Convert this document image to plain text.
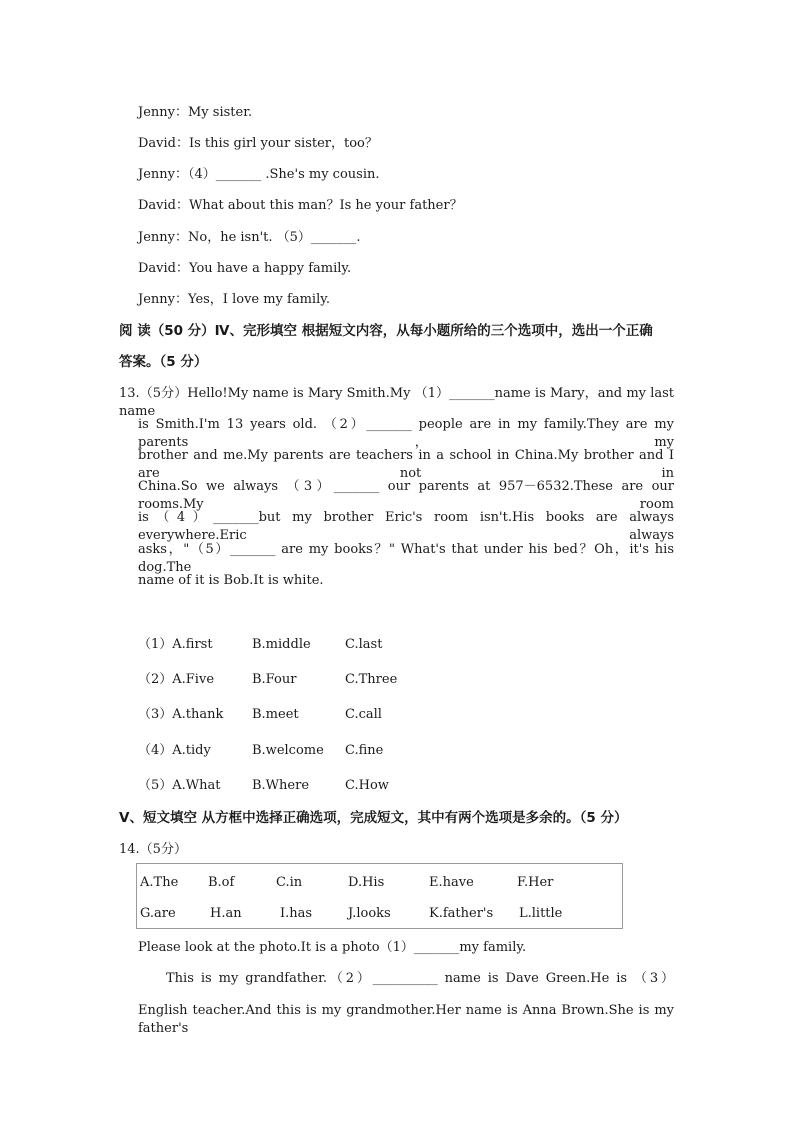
Jenny：My sister.
David：Is this girl your sister，too？
Jenny：（4）_______ .She's my cousin.
David：What about this man？Is he your father？
Jenny：No，he isn't. （5）_______.
David：You have a happy family.
Jenny：Yes，I love my family.
阅 读（50 分）Ⅳ、完形填空 根据短文内容，从每小题所给的三个选项中，选出一个正确
答案。（5 分）
13.（5分）Hello!My name is Mary Smith.My （1）_______name is Mary，and my last name
is Smith.I'm 13 years old. （2）_______ people are in my family.They are my parents，my
brother and me.My parents are teachers in a school in China.My brother and I are not in
China.So we always （3）_______ our parents at 957－6532.These are our rooms.My room
is（4）_______but my brother Eric's room isn't.His books are always everywhere.Eric always
asks，"（5）_______ are my books？" What's that under his bed？Oh，it's his dog.The
name of it is Bob.It is white.
（1）A.first	B.middle	C.last
（2）A.Five	B.Four	C.Three
（3）A.thank B.meet	C.call
（4）A.tidy	B.welcome C.fine
（5）A.What B.Where	C.How
Ⅴ、短文填空 从方框中选择正确选项，完成短文，其中有两个选项是多余的。（5 分）
14.（5分）
A.The B.of	C.in	D.His	E.have	F.Her
G.are	H.an	I.has	J.looks	K.father's L.little
Please look at the photo.It is a photo（1）_______my family.
This is my grandfather.（2）__________ name is Dave Green.He is （3）
English teacher.And this is my grandmother.Her name is Anna Brown.She is my father's
